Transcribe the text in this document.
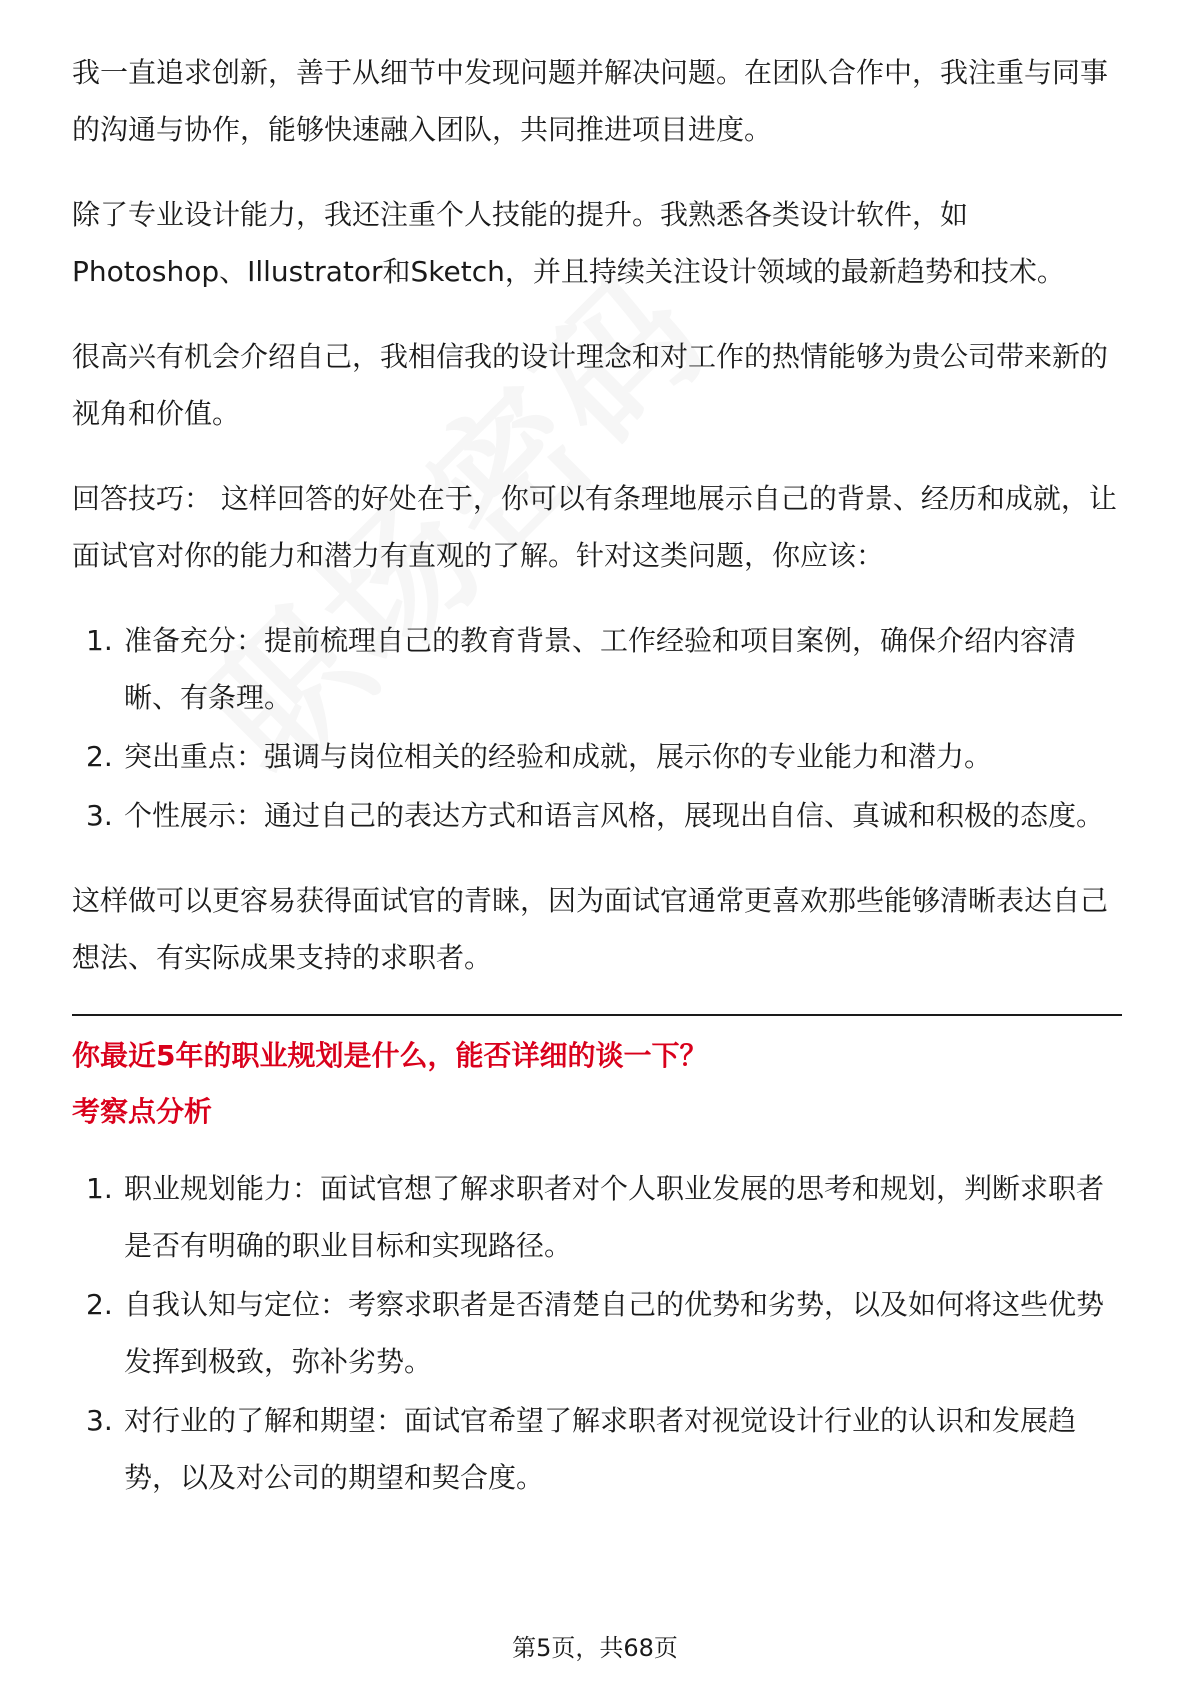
我一直追求创新，善于从细节中发现问题并解决问题。在团队合作中，我注重与同事的沟通与协作，能够快速融入团队，共同推进项目进度。

除了专业设计能力，我还注重个人技能的提升。我熟悉各类设计软件，如Photoshop、Illustrator和Sketch，并且持续关注设计领域的最新趋势和技术。

很高兴有机会介绍自己，我相信我的设计理念和对工作的热情能够为贵公司带来新的视角和价值。

回答技巧： 这样回答的好处在于，你可以有条理地展示自己的背景、经历和成就，让面试官对你的能力和潜力有直观的了解。针对这类问题，你应该：

1. 准备充分：提前梳理自己的教育背景、工作经验和项目案例，确保介绍内容清晰、有条理。
2. 突出重点：强调与岗位相关的经验和成就，展示你的专业能力和潜力。
3. 个性展示：通过自己的表达方式和语言风格，展现出自信、真诚和积极的态度。

这样做可以更容易获得面试官的青睐，因为面试官通常更喜欢那些能够清晰表达自己想法、有实际成果支持的求职者。

你最近5年的职业规划是什么，能否详细的谈一下？
考察点分析
1. 职业规划能力：面试官想了解求职者对个人职业发展的思考和规划，判断求职者是否有明确的职业目标和实现路径。
2. 自我认知与定位：考察求职者是否清楚自己的优势和劣势，以及如何将这些优势发挥到极致，弥补劣势。
3. 对行业的了解和期望：面试官希望了解求职者对视觉设计行业的认识和发展趋势，以及对公司的期望和契合度。
第5页，共68页
